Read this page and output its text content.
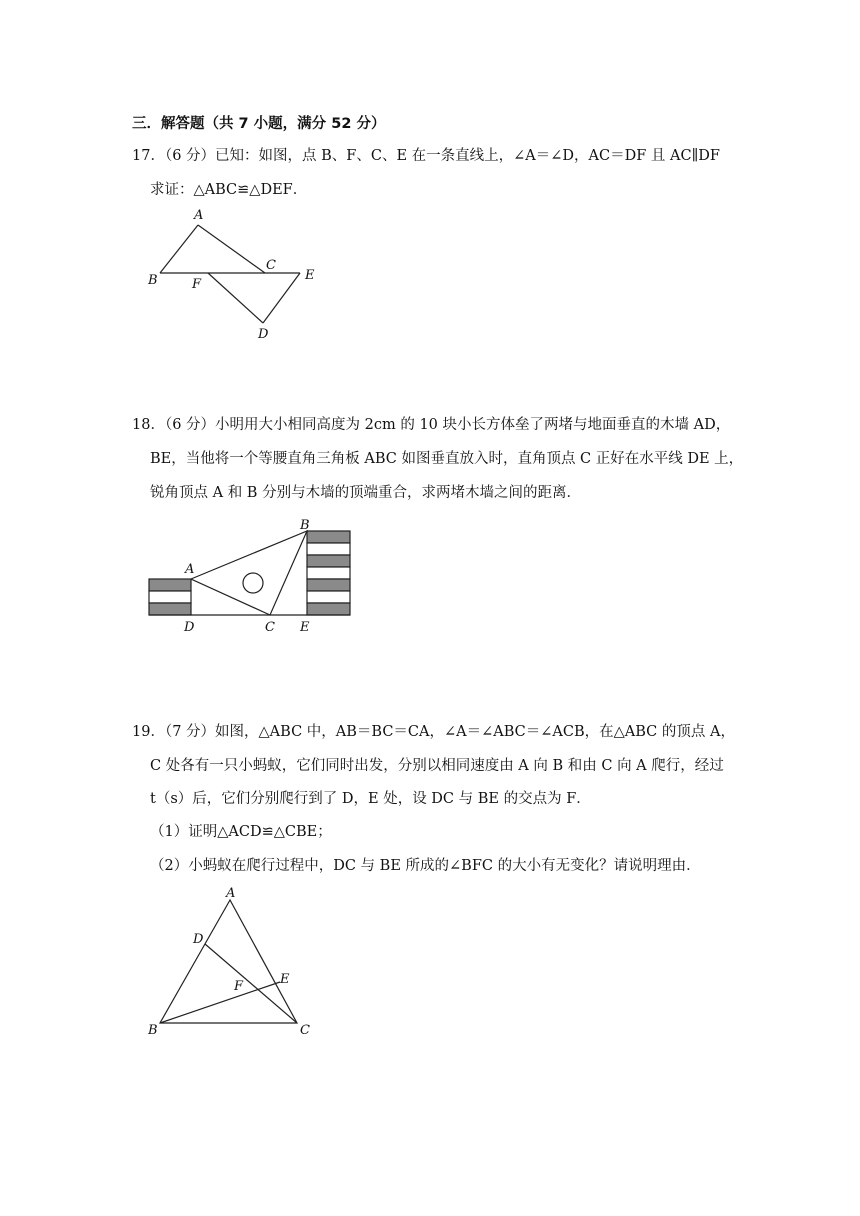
三．解答题（共 7 小题，满分 52 分）
17．（6 分）已知：如图，点 B、F、C、E 在一条直线上，∠A＝∠D，AC＝DF 且 AC∥DF
求证：△ABC≌△DEF．
A
B
C
F
E
D
18．（6 分）小明用大小相同高度为 2cm 的 10 块小长方体垒了两堵与地面垂直的木墙 AD，
BE，当他将一个等腰直角三角板 ABC 如图垂直放入时，直角顶点 C 正好在水平线 DE 上，
锐角顶点 A 和 B 分别与木墙的顶端重合，求两堵木墙之间的距离．
A
B
C
D	E
19．（7 分）如图，△ABC 中，AB＝BC＝CA，∠A＝∠ABC＝∠ACB，在△ABC 的顶点 A，
C 处各有一只小蚂蚁，它们同时出发，分别以相同速度由 A 向 B 和由 C 向 A 爬行，经过
t（s）后，它们分别爬行到了 D，E 处，设 DC 与 BE 的交点为 F．
（1）证明△ACD≌△CBE；
（2）小蚂蚁在爬行过程中，DC 与 BE 所成的∠BFC 的大小有无变化？请说明理由．
A
D
E
F
B	C
